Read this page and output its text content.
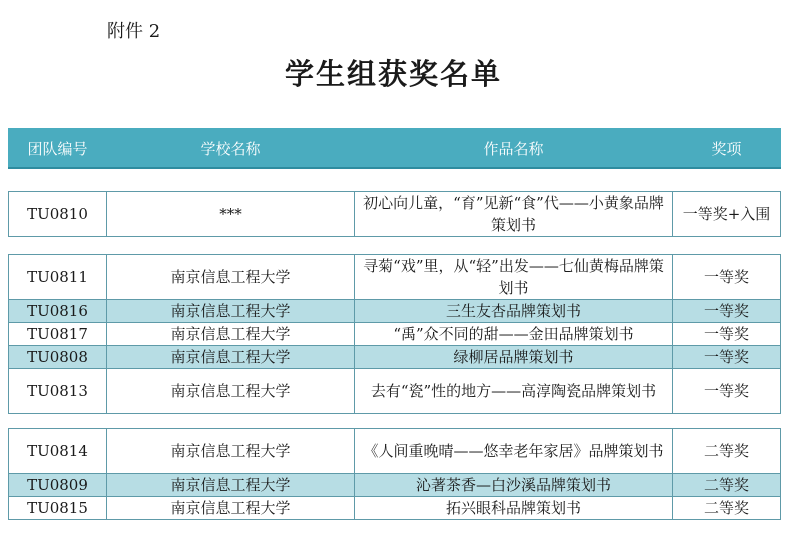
附件 2
学生组获奖名单
团队编号	学校名称	作品名称	奖项

TU0810	***	初心向儿童，“育”见新“食”代——小黄象品牌策划书	一等奖+入围

TU0811	南京信息工程大学	寻菊“戏”里，从“轻”出发——七仙黄梅品牌策划书	一等奖
TU0816	南京信息工程大学	三生友杏品牌策划书	一等奖
TU0817	南京信息工程大学	“禹”众不同的甜——金田品牌策划书	一等奖
TU0808	南京信息工程大学	绿柳居品牌策划书	一等奖
TU0813	南京信息工程大学	去有“瓷”性的地方——高淳陶瓷品牌策划书	一等奖

TU0814	南京信息工程大学	《人间重晚晴——悠幸老年家居》品牌策划书	二等奖
TU0809	南京信息工程大学	沁著茶香—白沙溪品牌策划书	二等奖
TU0815	南京信息工程大学	拓兴眼科品牌策划书	二等奖
